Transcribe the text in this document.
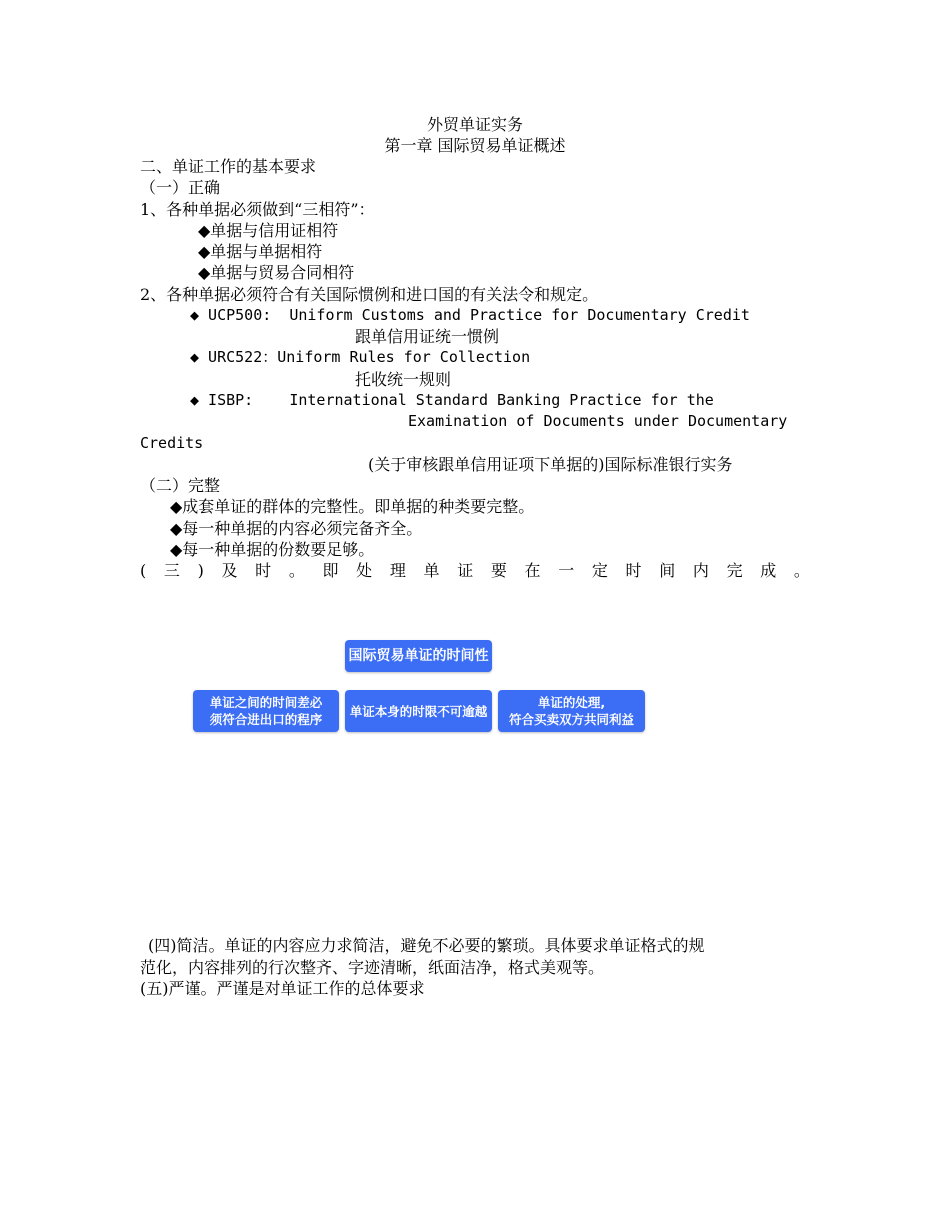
外贸单证实务
第一章 国际贸易单证概述
二、单证工作的基本要求
（一）正确
1、各种单据必须做到“三相符”：
◆单据与信用证相符
◆单据与单据相符
◆单据与贸易合同相符
2、各种单据必须符合有关国际惯例和进口国的有关法令和规定。
◆ UCP500:  Uniform Customs and Practice for Documentary Credit
跟单信用证统一惯例
◆ URC522：Uniform Rules for Collection
托收统一规则
◆ ISBP:    International Standard Banking Practice for the
Examination of Documents under Documentary
Credits
(关于审核跟单信用证项下单据的)国际标准银行实务
（二）完整
◆成套单证的群体的完整性。即单据的种类要完整。
◆每一种单据的内容必须完备齐全。
◆每一种单据的份数要足够。
( 三 ) 及 时 。 即 处 理 单 证 要 在 一 定 时 间 内 完 成 。
国际贸易单证的时间性
单证之间的时间差必
须符合进出口的程序
单证本身的时限不可逾越
单证的处理,
符合买卖双方共同利益
(四)简洁。单证的内容应力求简洁，避免不必要的繁琐。具体要求单证格式的规
范化，内容排列的行次整齐、字迹清晰，纸面洁净，格式美观等。
(五)严谨。严谨是对单证工作的总体要求
